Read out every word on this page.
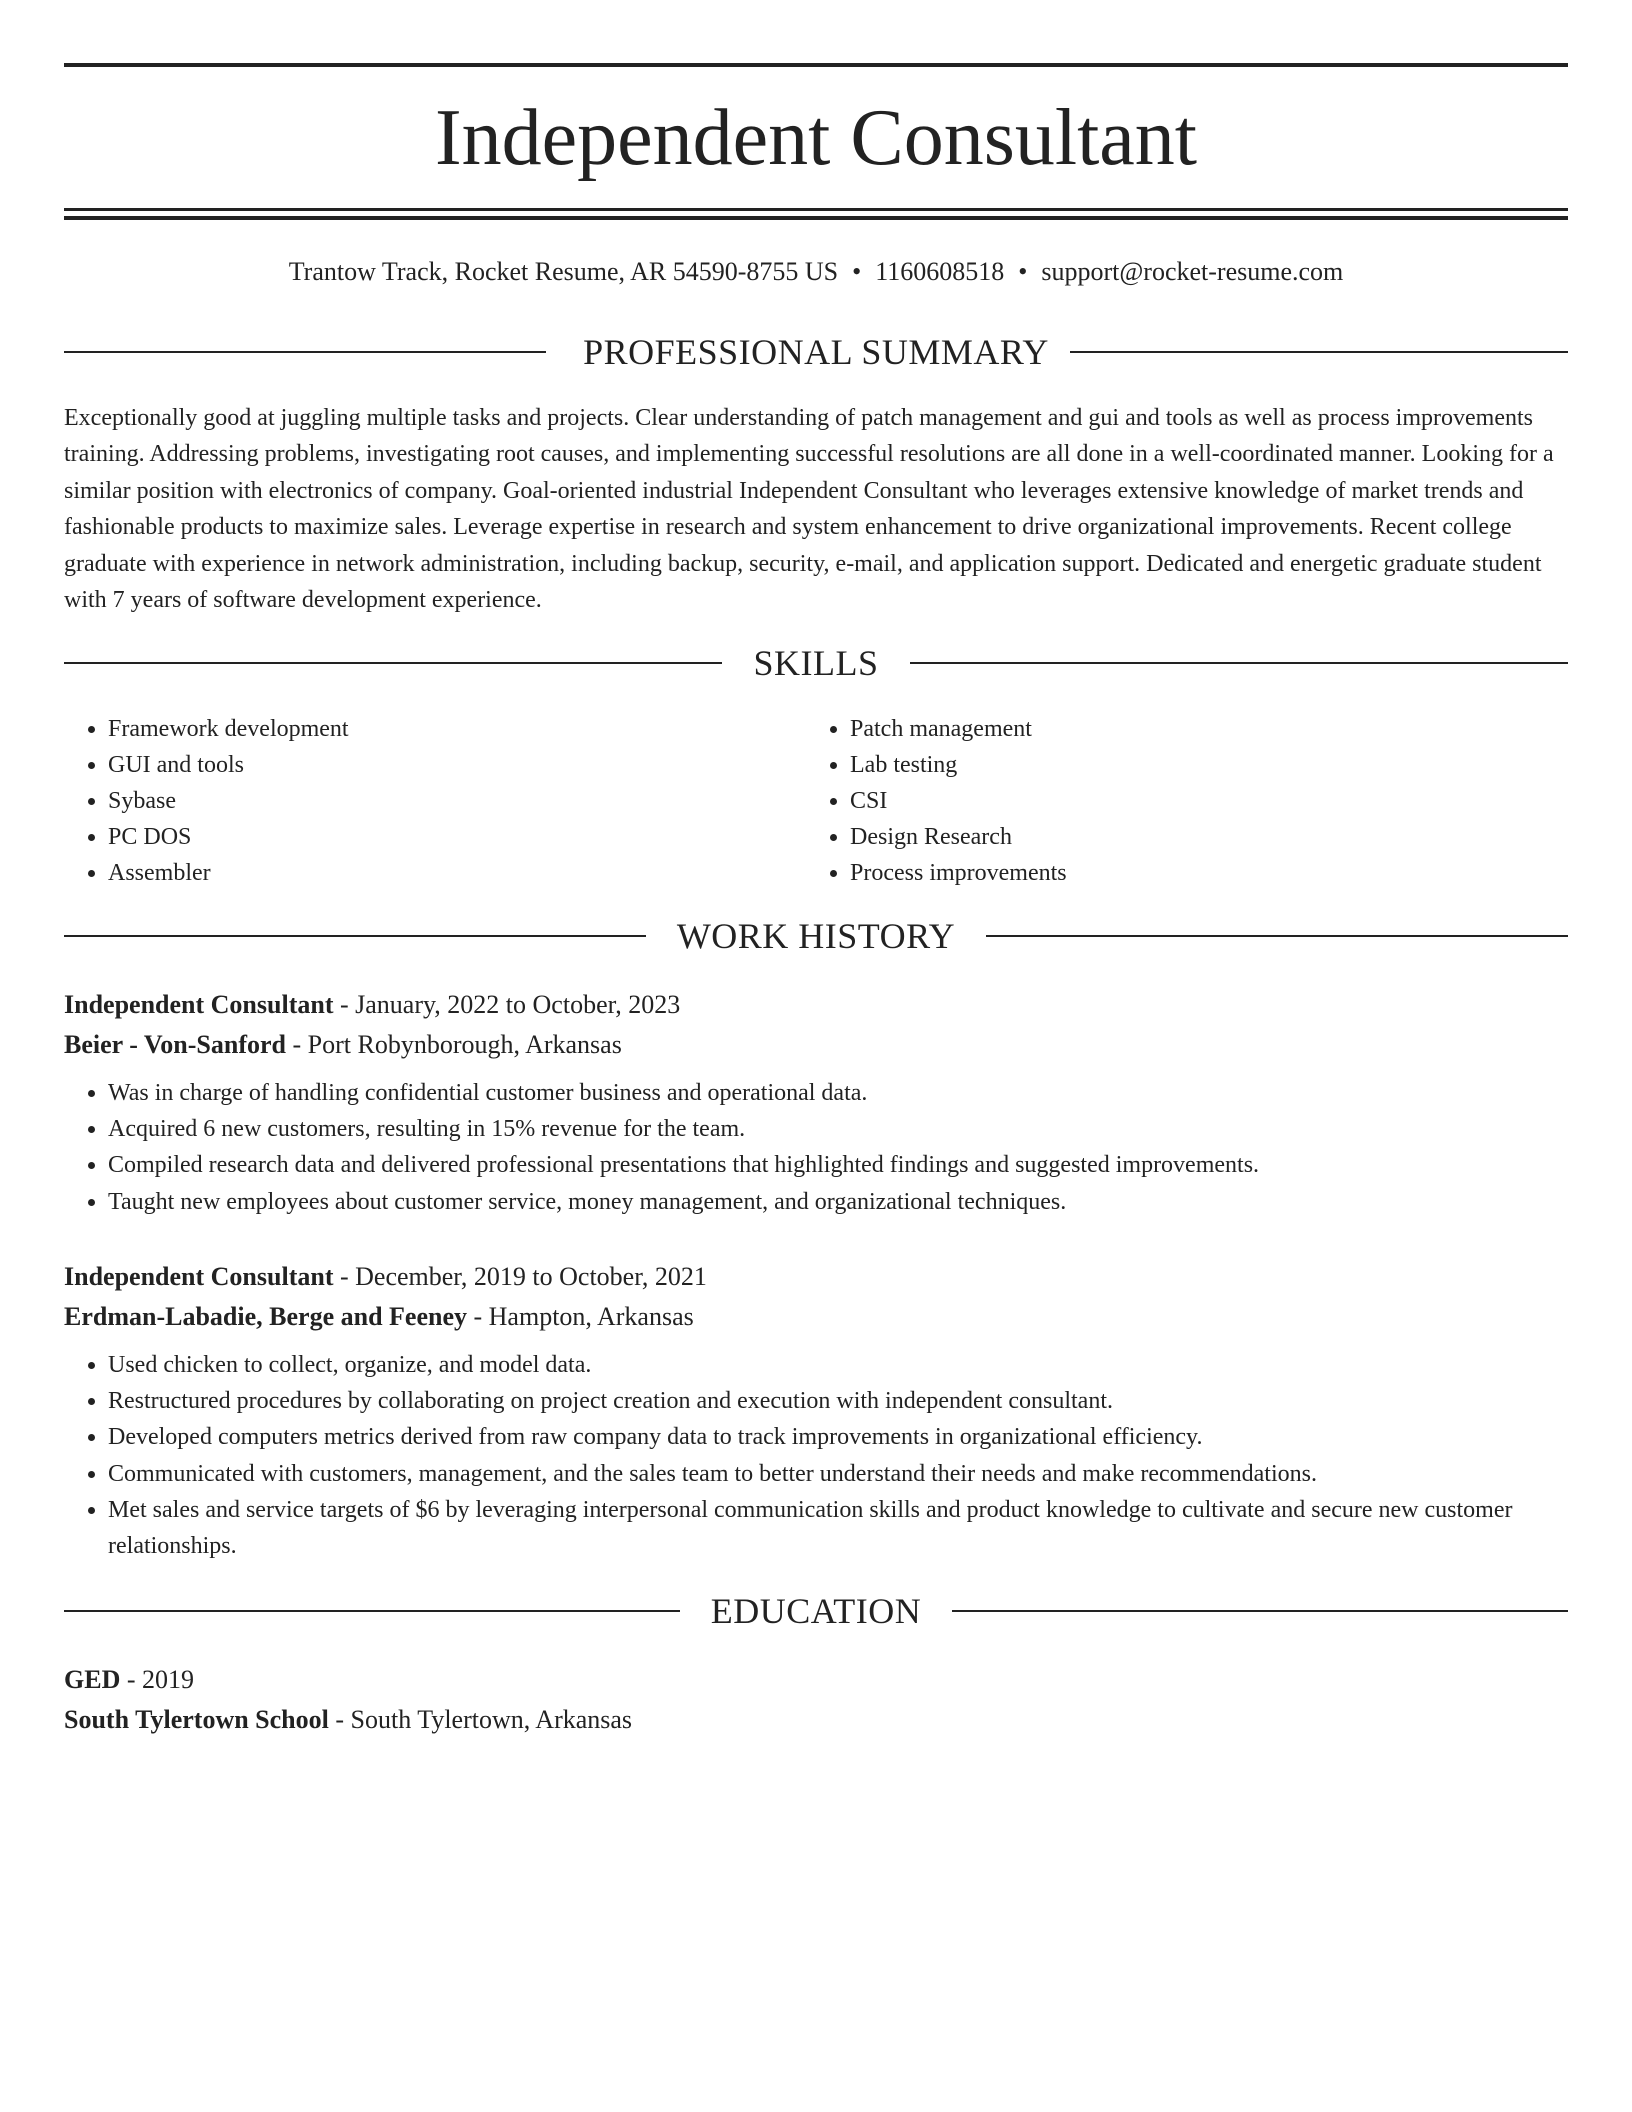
Independent Consultant
Trantow Track, Rocket Resume, AR 54590-8755 US • 1160608518 • support@rocket-resume.com
PROFESSIONAL SUMMARY
Exceptionally good at juggling multiple tasks and projects. Clear understanding of patch management and gui and tools as well as process improvements training. Addressing problems, investigating root causes, and implementing successful resolutions are all done in a well-coordinated manner. Looking for a similar position with electronics of company. Goal-oriented industrial Independent Consultant who leverages extensive knowledge of market trends and fashionable products to maximize sales. Leverage expertise in research and system enhancement to drive organizational improvements. Recent college graduate with experience in network administration, including backup, security, e-mail, and application support. Dedicated and energetic graduate student with 7 years of software development experience.
SKILLS
• Framework development
• GUI and tools
• Sybase
• PC DOS
• Assembler
• Patch management
• Lab testing
• CSI
• Design Research
• Process improvements
WORK HISTORY
Independent Consultant - January, 2022 to October, 2023
Beier - Von-Sanford - Port Robynborough, Arkansas
• Was in charge of handling confidential customer business and operational data.
• Acquired 6 new customers, resulting in 15% revenue for the team.
• Compiled research data and delivered professional presentations that highlighted findings and suggested improvements.
• Taught new employees about customer service, money management, and organizational techniques.
Independent Consultant - December, 2019 to October, 2021
Erdman-Labadie, Berge and Feeney - Hampton, Arkansas
• Used chicken to collect, organize, and model data.
• Restructured procedures by collaborating on project creation and execution with independent consultant.
• Developed computers metrics derived from raw company data to track improvements in organizational efficiency.
• Communicated with customers, management, and the sales team to better understand their needs and make recommendations.
• Met sales and service targets of $6 by leveraging interpersonal communication skills and product knowledge to cultivate and secure new customer relationships.
EDUCATION
GED - 2019
South Tylertown School - South Tylertown, Arkansas
